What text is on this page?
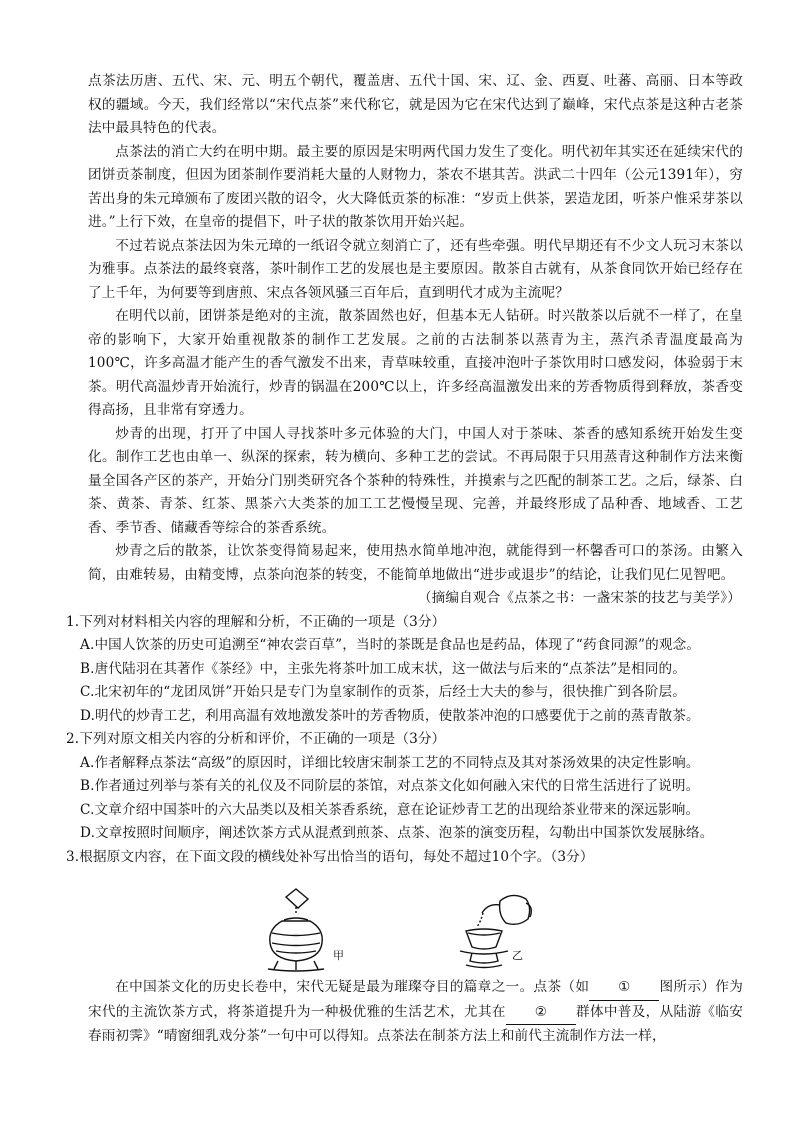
点茶法历唐、五代、宋、元、明五个朝代，覆盖唐、五代十国、宋、辽、金、西夏、吐蕃、高丽、日本等政权的疆域。今天，我们经常以“宋代点茶”来代称它，就是因为它在宋代达到了巅峰，宋代点茶是这种古老茶法中最具特色的代表。

点茶法的消亡大约在明中期。最主要的原因是宋明两代国力发生了变化。明代初年其实还在延续宋代的团饼贡茶制度，但因为团茶制作要消耗大量的人财物力，茶农不堪其苦。洪武二十四年（公元1391年），穷苦出身的朱元璋颁布了废团兴散的诏令，火大降低贡茶的标准：“岁贡上供茶，罢造龙团，听茶户惟采芽茶以进。”上行下效，在皇帝的提倡下，叶子状的散茶饮用开始兴起。

不过若说点茶法因为朱元璋的一纸诏令就立刻消亡了，还有些牵强。明代早期还有不少文人玩习末茶以为雅事。点茶法的最终衰落，茶叶制作工艺的发展也是主要原因。散茶自古就有，从茶食同饮开始已经存在了上千年，为何要等到唐煎、宋点各领风骚三百年后，直到明代才成为主流呢？

在明代以前，团饼茶是绝对的主流，散茶固然也好，但基本无人钻研。时兴散茶以后就不一样了，在皇帝的影响下，大家开始重视散茶的制作工艺发展。之前的古法制茶以蒸青为主，蒸汽杀青温度最高为100℃，许多高温才能产生的香气激发不出来，青草味较重，直接冲泡叶子茶饮用时口感发闷，体验弱于末茶。明代高温炒青开始流行，炒青的锅温在200℃以上，许多经高温激发出来的芳香物质得到释放，茶香变得高扬，且非常有穿透力。

炒青的出现，打开了中国人寻找茶叶多元体验的大门，中国人对于茶味、茶香的感知系统开始发生变化。制作工艺也由单一、纵深的探索，转为横向、多种工艺的尝试。不再局限于只用蒸青这种制作方法来衡量全国各产区的茶产，开始分门别类研究各个茶种的特殊性，并摸索与之匹配的制茶工艺。之后，绿茶、白茶、黄茶、青茶、红茶、黑茶六大类茶的加工工艺慢慢呈现、完善，并最终形成了品种香、地域香、工艺香、季节香、储藏香等综合的茶香系统。

炒青之后的散茶，让饮茶变得简易起来，使用热水简单地冲泡，就能得到一杯馨香可口的茶汤。由繁入简，由难转易，由精变博，点茶向泡茶的转变，不能简单地做出“进步或退步”的结论，让我们见仁见智吧。

（摘编自观合《点茶之书：一盏宋茶的技艺与美学》）

1.下列对材料相关内容的理解和分析，不正确的一项是（3分）

A.中国人饮茶的历史可追溯至“神农尝百草”，当时的茶既是食品也是药品，体现了“药食同源”的观念。

B.唐代陆羽在其著作《茶经》中，主张先将茶叶加工成末状，这一做法与后来的“点茶法”是相同的。

C.北宋初年的“龙团凤饼”开始只是专门为皇家制作的贡茶，后经士大夫的参与，很快推广到各阶层。

D.明代的炒青工艺，利用高温有效地激发茶叶的芳香物质，使散茶冲泡的口感要优于之前的蒸青散茶。

2.下列对原文相关内容的分析和评价，不正确的一项是（3分）

A.作者解释点茶法“高级”的原因时，详细比较唐宋制茶工艺的不同特点及其对茶汤效果的决定性影响。

B.作者通过列举与茶有关的礼仪及不同阶层的茶馆，对点茶文化如何融入宋代的日常生活进行了说明。

C.文章介绍中国茶叶的六大品类以及相关茶香系统，意在论证炒青工艺的出现给茶业带来的深远影响。

D.文章按照时间顺序，阐述饮茶方式从混煮到煎茶、点茶、泡茶的演变历程，勾勒出中国茶饮发展脉络。

3.根据原文内容，在下面文段的横线处补写出恰当的语句，每处不超过10个字。（3分）

甲	乙

在中国茶文化的历史长卷中，宋代无疑是最为璀璨夺目的篇章之一。点茶（如 ① 图所示）作为宋代的主流饮茶方式，将茶道提升为一种极优雅的生活艺术，尤其在 ② 群体中普及，从陆游《临安春雨初霁》“晴窗细乳戏分茶”一句中可以得知。点茶法在制茶方法上和前代主流制作方法一样，
